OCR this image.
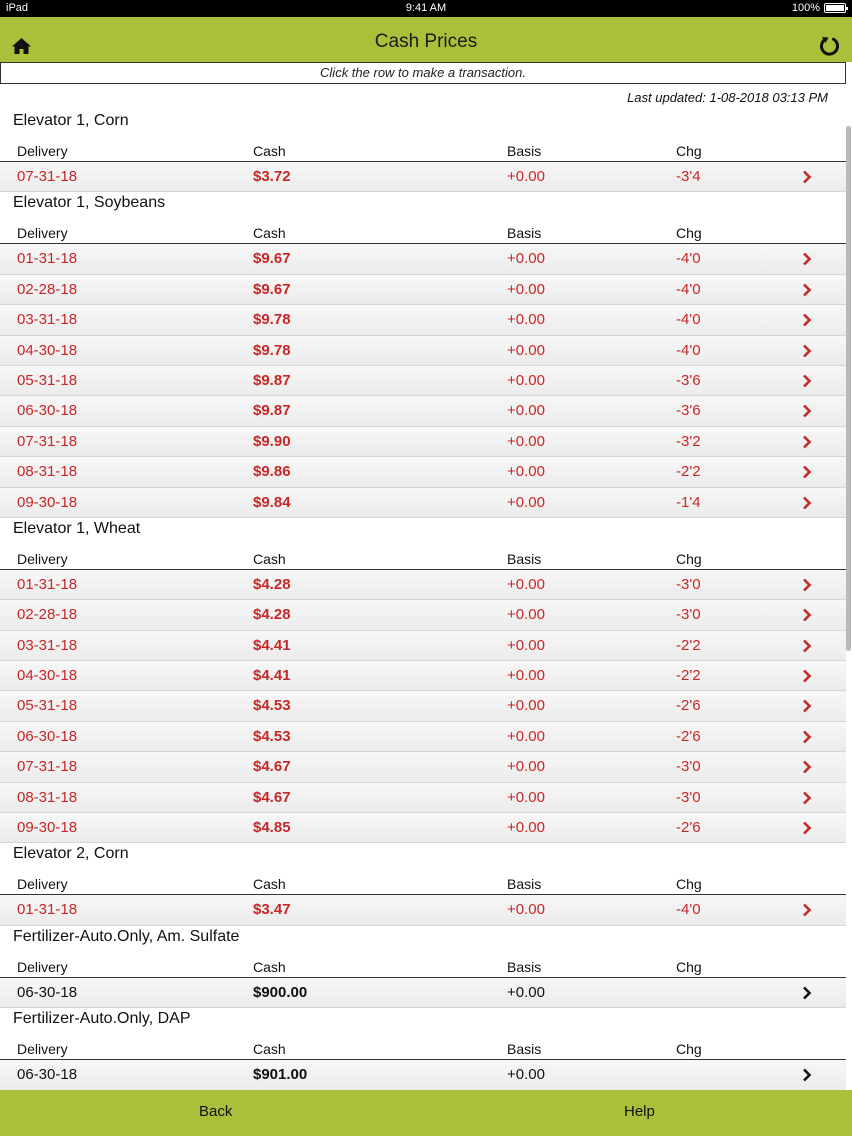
iPad	9:41 AM	100%
Cash Prices
Click the row to make a transaction.
Last updated: 1-08-2018 03:13 PM
Elevator 1, Corn
Delivery	Cash	Basis	Chg
07-31-18	$3.72	+0.00	-3'4
Elevator 1, Soybeans
Delivery	Cash	Basis	Chg
01-31-18	$9.67	+0.00	-4'0
02-28-18	$9.67	+0.00	-4'0
03-31-18	$9.78	+0.00	-4'0
04-30-18	$9.78	+0.00	-4'0
05-31-18	$9.87	+0.00	-3'6
06-30-18	$9.87	+0.00	-3'6
07-31-18	$9.90	+0.00	-3'2
08-31-18	$9.86	+0.00	-2'2
09-30-18	$9.84	+0.00	-1'4
Elevator 1, Wheat
Delivery	Cash	Basis	Chg
01-31-18	$4.28	+0.00	-3'0
02-28-18	$4.28	+0.00	-3'0
03-31-18	$4.41	+0.00	-2'2
04-30-18	$4.41	+0.00	-2'2
05-31-18	$4.53	+0.00	-2'6
06-30-18	$4.53	+0.00	-2'6
07-31-18	$4.67	+0.00	-3'0
08-31-18	$4.67	+0.00	-3'0
09-30-18	$4.85	+0.00	-2'6
Elevator 2, Corn
Delivery	Cash	Basis	Chg
01-31-18	$3.47	+0.00	-4'0
Fertilizer-Auto.Only, Am. Sulfate
Delivery	Cash	Basis	Chg
06-30-18	$900.00	+0.00
Fertilizer-Auto.Only, DAP
Delivery	Cash	Basis	Chg
06-30-18	$901.00	+0.00
Back	Help
